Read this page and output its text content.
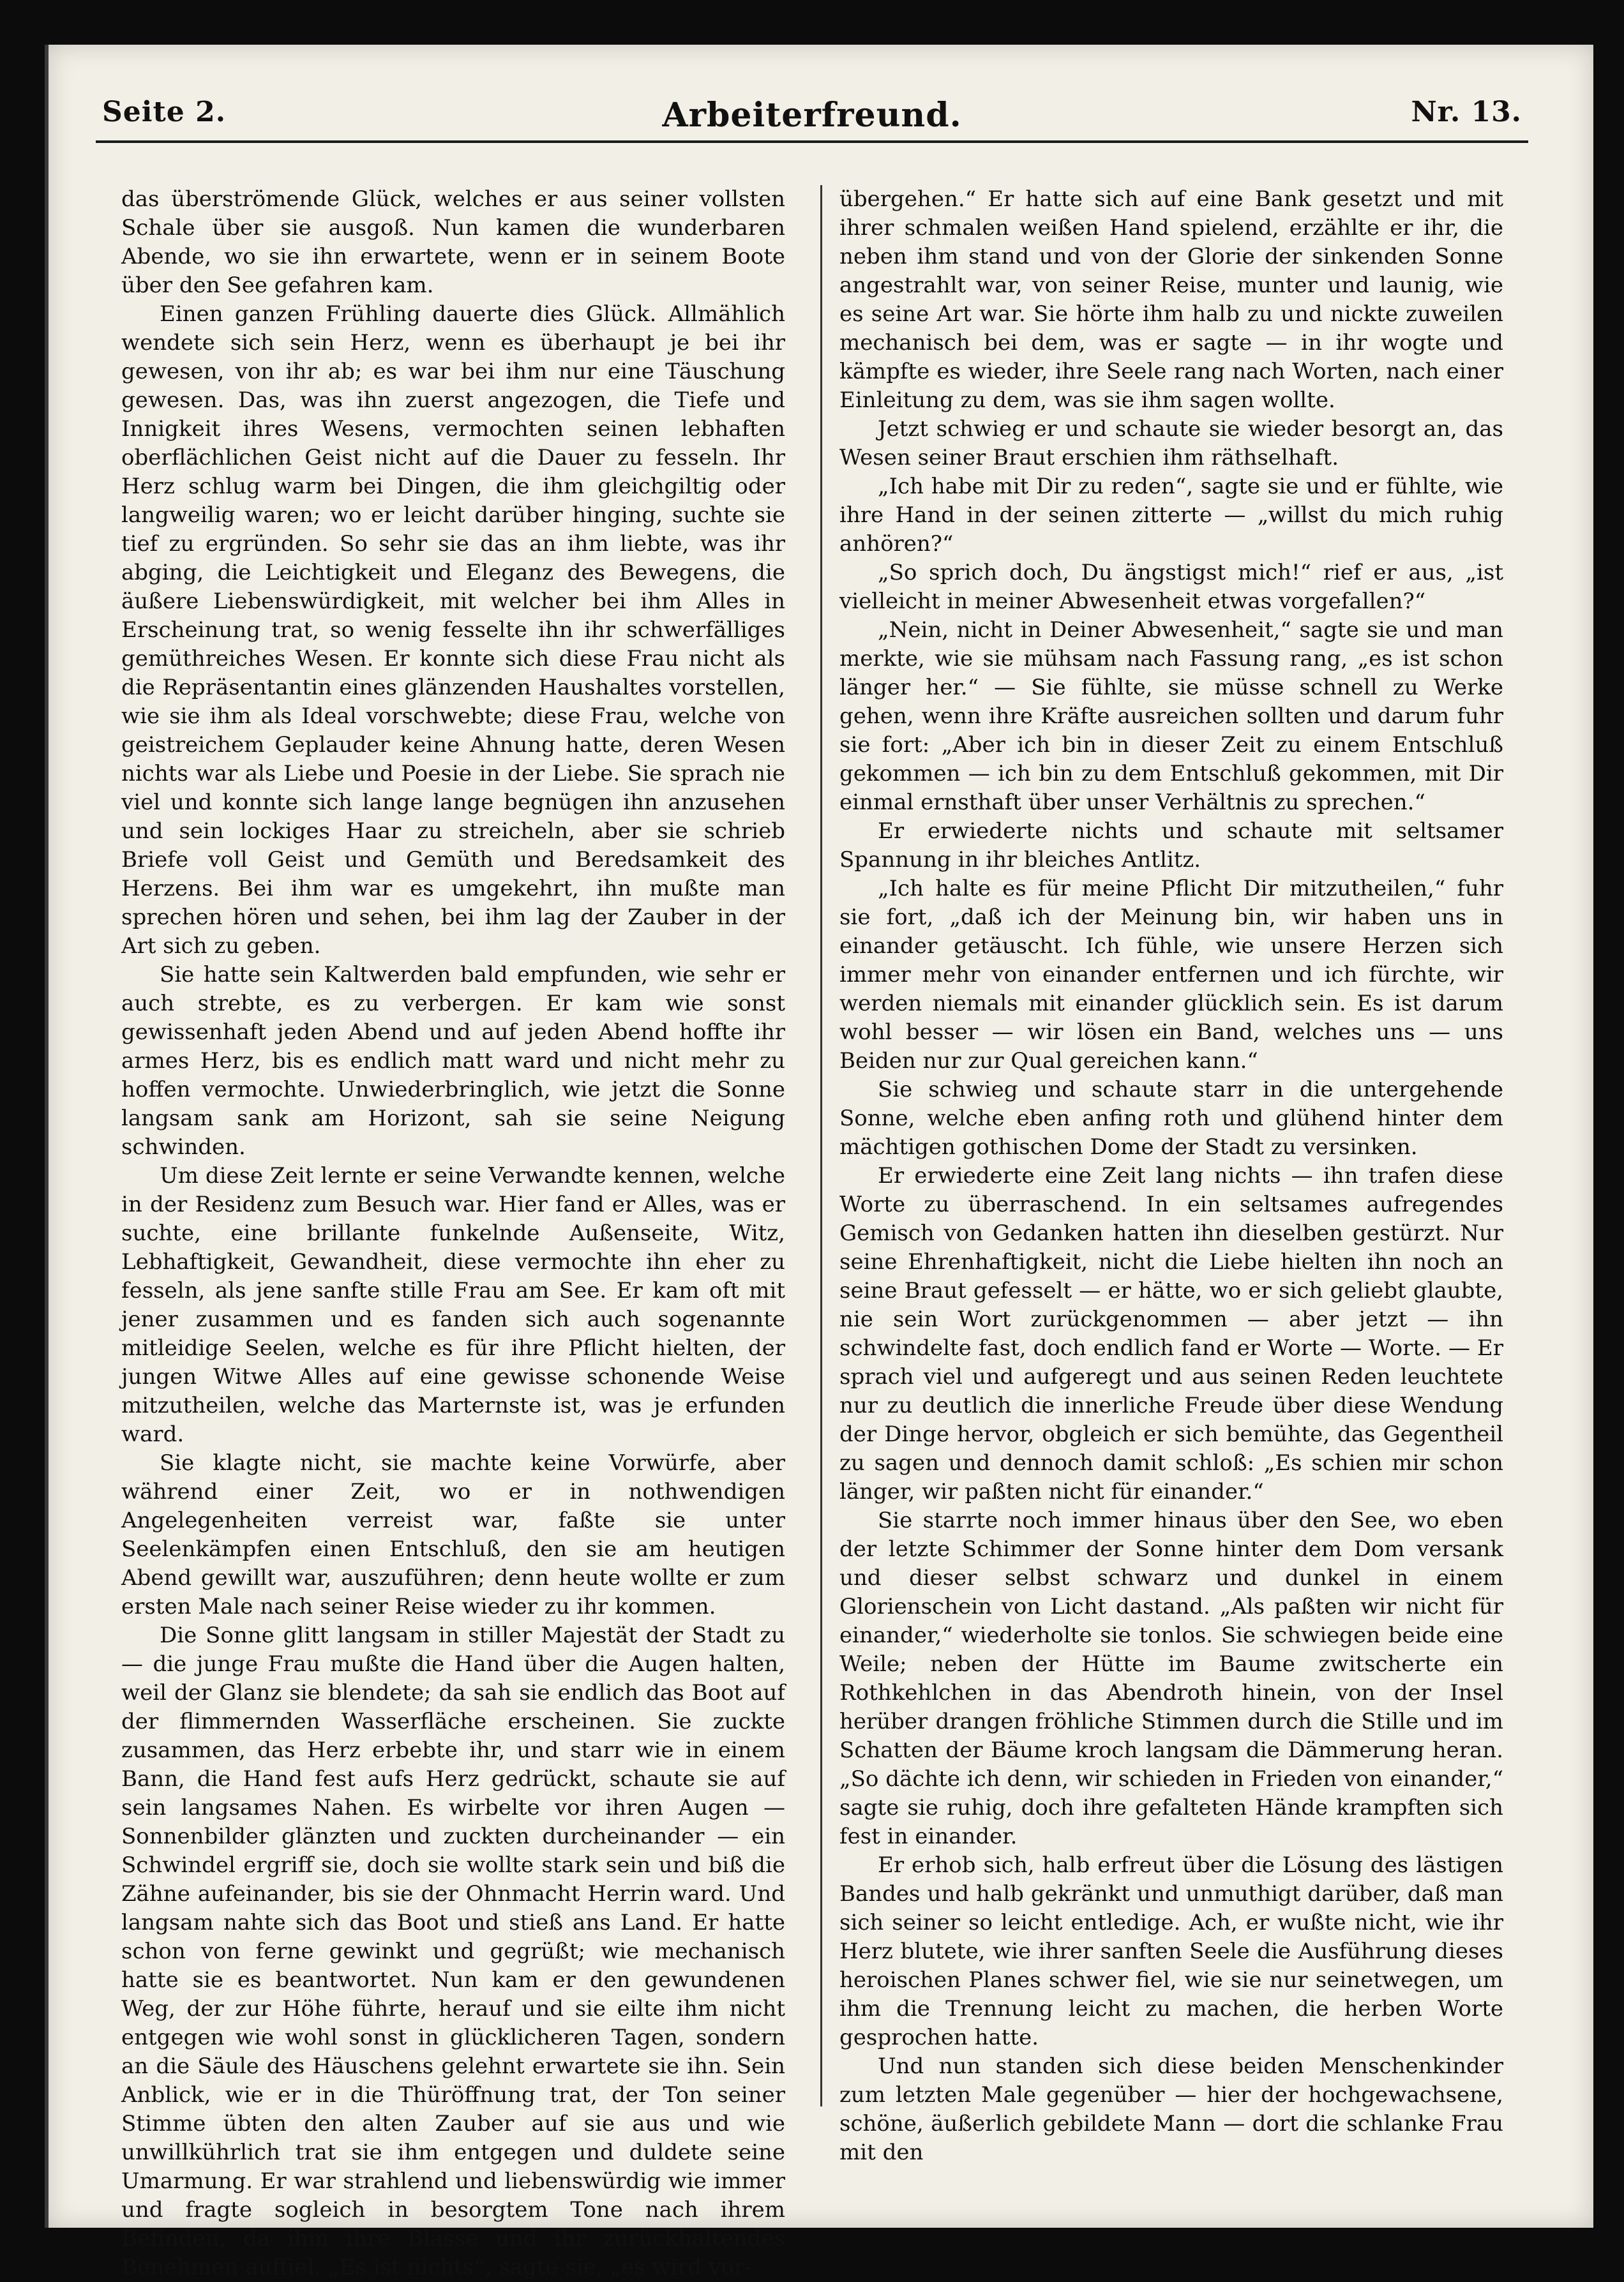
Seite 2.	Arbeiterfreund.	Nr. 13.

das überströmende Glück, welches er aus seiner vollsten Schale über sie ausgoß. Nun kamen die wunderbaren Abende, wo sie ihn erwartete, wenn er in seinem Boote über den See gefahren kam.

Einen ganzen Frühling dauerte dies Glück. Allmählich wendete sich sein Herz, wenn es überhaupt je bei ihr gewesen, von ihr ab; es war bei ihm nur eine Täuschung gewesen. Das, was ihn zuerst angezogen, die Tiefe und Innigkeit ihres Wesens, vermochten seinen lebhaften oberflächlichen Geist nicht auf die Dauer zu fesseln. Ihr Herz schlug warm bei Dingen, die ihm gleichgiltig oder langweilig waren; wo er leicht darüber hinging, suchte sie tief zu ergründen. So sehr sie das an ihm liebte, was ihr abging, die Leichtigkeit und Eleganz des Bewegens, die äußere Liebenswürdigkeit, mit welcher bei ihm Alles in Erscheinung trat, so wenig fesselte ihn ihr schwerfälliges gemüthreiches Wesen. Er konnte sich diese Frau nicht als die Repräsentantin eines glänzenden Haushaltes vorstellen, wie sie ihm als Ideal vorschwebte; diese Frau, welche von geistreichem Geplauder keine Ahnung hatte, deren Wesen nichts war als Liebe und Poesie in der Liebe. Sie sprach nie viel und konnte sich lange lange begnügen ihn anzusehen und sein lockiges Haar zu streicheln, aber sie schrieb Briefe voll Geist und Gemüth und Beredsamkeit des Herzens. Bei ihm war es umgekehrt, ihn mußte man sprechen hören und sehen, bei ihm lag der Zauber in der Art sich zu geben.

Sie hatte sein Kaltwerden bald empfunden, wie sehr er auch strebte, es zu verbergen. Er kam wie sonst gewissenhaft jeden Abend und auf jeden Abend hoffte ihr armes Herz, bis es endlich matt ward und nicht mehr zu hoffen vermochte. Unwiederbringlich, wie jetzt die Sonne langsam sank am Horizont, sah sie seine Neigung schwinden.

Um diese Zeit lernte er seine Verwandte kennen, welche in der Residenz zum Besuch war. Hier fand er Alles, was er suchte, eine brillante funkelnde Außenseite, Witz, Lebhaftigkeit, Gewandheit, diese vermochte ihn eher zu fesseln, als jene sanfte stille Frau am See. Er kam oft mit jener zusammen und es fanden sich auch sogenannte mitleidige Seelen, welche es für ihre Pflicht hielten, der jungen Witwe Alles auf eine gewisse schonende Weise mitzutheilen, welche das Marternste ist, was je erfunden ward.

Sie klagte nicht, sie machte keine Vorwürfe, aber während einer Zeit, wo er in nothwendigen Angelegenheiten verreist war, faßte sie unter Seelenkämpfen einen Entschluß, den sie am heutigen Abend gewillt war, auszuführen; denn heute wollte er zum ersten Male nach seiner Reise wieder zu ihr kommen.

Die Sonne glitt langsam in stiller Majestät der Stadt zu — die junge Frau mußte die Hand über die Augen halten, weil der Glanz sie blendete; da sah sie endlich das Boot auf der flimmernden Wasserfläche erscheinen. Sie zuckte zusammen, das Herz erbebte ihr, und starr wie in einem Bann, die Hand fest aufs Herz gedrückt, schaute sie auf sein langsames Nahen. Es wirbelte vor ihren Augen — Sonnenbilder glänzten und zuckten durcheinander — ein Schwindel ergriff sie, doch sie wollte stark sein und biß die Zähne aufeinander, bis sie der Ohnmacht Herrin ward. Und langsam nahte sich das Boot und stieß ans Land. Er hatte schon von ferne gewinkt und gegrüßt; wie mechanisch hatte sie es beantwortet. Nun kam er den gewundenen Weg, der zur Höhe führte, herauf und sie eilte ihm nicht entgegen wie wohl sonst in glücklicheren Tagen, sondern an die Säule des Häuschens gelehnt erwartete sie ihn. Sein Anblick, wie er in die Thüröffnung trat, der Ton seiner Stimme übten den alten Zauber auf sie aus und wie unwillkührlich trat sie ihm entgegen und duldete seine Umarmung. Er war strahlend und liebenswürdig wie immer und fragte sogleich in besorgtem Tone nach ihrem Befinden, da ihm ihre Blässe und ihr zurückhaltendes Benehmen auffiel. „Es ist nichts“, sagte sie, „es wird vor-

übergehen.“ Er hatte sich auf eine Bank gesetzt und mit ihrer schmalen weißen Hand spielend, erzählte er ihr, die neben ihm stand und von der Glorie der sinkenden Sonne angestrahlt war, von seiner Reise, munter und launig, wie es seine Art war. Sie hörte ihm halb zu und nickte zuweilen mechanisch bei dem, was er sagte — in ihr wogte und kämpfte es wieder, ihre Seele rang nach Worten, nach einer Einleitung zu dem, was sie ihm sagen wollte.

Jetzt schwieg er und schaute sie wieder besorgt an, das Wesen seiner Braut erschien ihm räthselhaft.

„Ich habe mit Dir zu reden“, sagte sie und er fühlte, wie ihre Hand in der seinen zitterte — „willst du mich ruhig anhören?“

„So sprich doch, Du ängstigst mich!“ rief er aus, „ist vielleicht in meiner Abwesenheit etwas vorgefallen?“

„Nein, nicht in Deiner Abwesenheit,“ sagte sie und man merkte, wie sie mühsam nach Fassung rang, „es ist schon länger her.“ — Sie fühlte, sie müsse schnell zu Werke gehen, wenn ihre Kräfte ausreichen sollten und darum fuhr sie fort: „Aber ich bin in dieser Zeit zu einem Entschluß gekommen — ich bin zu dem Entschluß gekommen, mit Dir einmal ernsthaft über unser Verhältnis zu sprechen.“

Er erwiederte nichts und schaute mit seltsamer Spannung in ihr bleiches Antlitz.

„Ich halte es für meine Pflicht Dir mitzutheilen,“ fuhr sie fort, „daß ich der Meinung bin, wir haben uns in einander getäuscht. Ich fühle, wie unsere Herzen sich immer mehr von einander entfernen und ich fürchte, wir werden niemals mit einander glücklich sein. Es ist darum wohl besser — wir lösen ein Band, welches uns — uns Beiden nur zur Qual gereichen kann.“

Sie schwieg und schaute starr in die untergehende Sonne, welche eben anfing roth und glühend hinter dem mächtigen gothischen Dome der Stadt zu versinken.

Er erwiederte eine Zeit lang nichts — ihn trafen diese Worte zu überraschend. In ein seltsames aufregendes Gemisch von Gedanken hatten ihn dieselben gestürzt. Nur seine Ehrenhaftigkeit, nicht die Liebe hielten ihn noch an seine Braut gefesselt — er hätte, wo er sich geliebt glaubte, nie sein Wort zurückgenommen — aber jetzt — ihn schwindelte fast, doch endlich fand er Worte — Worte. — Er sprach viel und aufgeregt und aus seinen Reden leuchtete nur zu deutlich die innerliche Freude über diese Wendung der Dinge hervor, obgleich er sich bemühte, das Gegentheil zu sagen und dennoch damit schloß: „Es schien mir schon länger, wir paßten nicht für einander.“

Sie starrte noch immer hinaus über den See, wo eben der letzte Schimmer der Sonne hinter dem Dom versank und dieser selbst schwarz und dunkel in einem Glorienschein von Licht dastand. „Als paßten wir nicht für einander,“ wiederholte sie tonlos. Sie schwiegen beide eine Weile; neben der Hütte im Baume zwitscherte ein Rothkehlchen in das Abendroth hinein, von der Insel herüber drangen fröhliche Stimmen durch die Stille und im Schatten der Bäume kroch langsam die Dämmerung heran. „So dächte ich denn, wir schieden in Frieden von einander,“ sagte sie ruhig, doch ihre gefalteten Hände krampften sich fest in einander.

Er erhob sich, halb erfreut über die Lösung des lästigen Bandes und halb gekränkt und unmuthigt darüber, daß man sich seiner so leicht entledige. Ach, er wußte nicht, wie ihr Herz blutete, wie ihrer sanften Seele die Ausführung dieses heroischen Planes schwer fiel, wie sie nur seinetwegen, um ihm die Trennung leicht zu machen, die herben Worte gesprochen hatte.

Und nun standen sich diese beiden Menschenkinder zum letzten Male gegenüber — hier der hochgewachsene, schöne, äußerlich gebildete Mann — dort die schlanke Frau mit den
